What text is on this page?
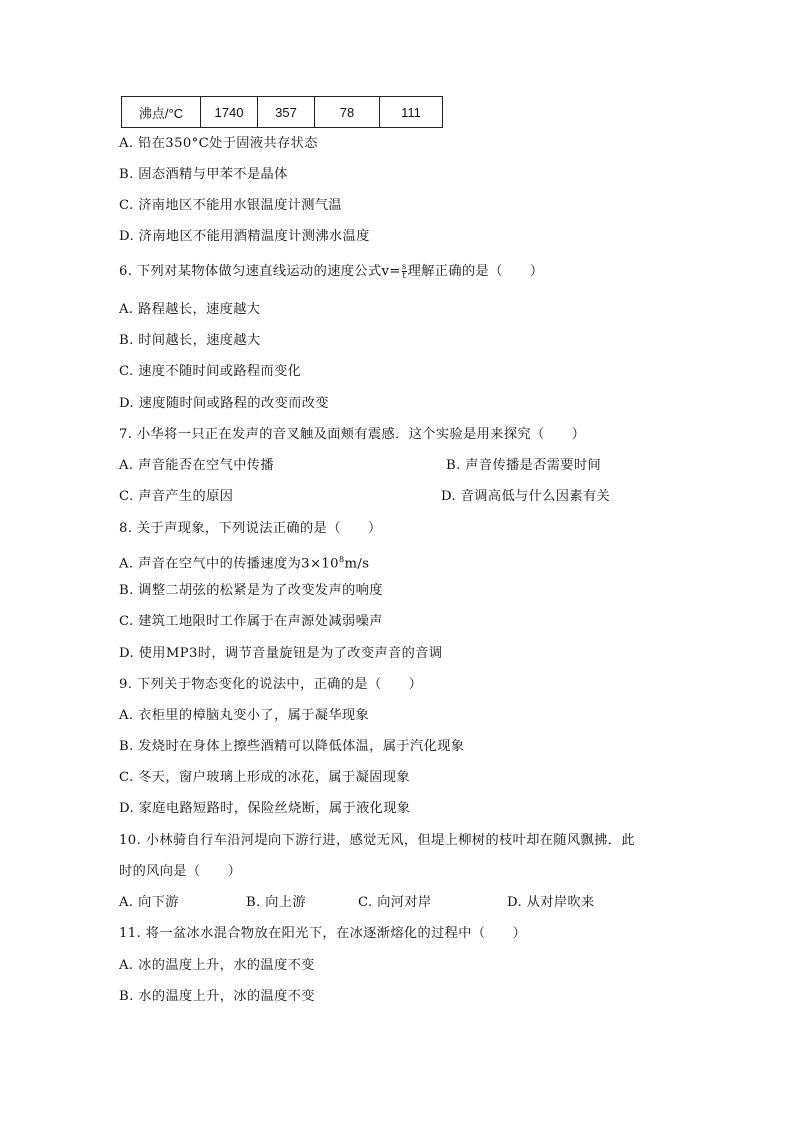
沸点/°C	1740	357	78	111
A. 铅在350°C处于固液共存状态
B. 固态酒精与甲苯不是晶体
C. 济南地区不能用水银温度计测气温
D. 济南地区不能用酒精温度计测沸水温度
6. 下列对某物体做匀速直线运动的速度公式$v= \frac{s}{t}$ 理解正确的是（　　）
A. 路程越长，速度越大
B. 时间越长，速度越大
C. 速度不随时间或路程而变化
D. 速度随时间或路程的改变而改变
7. 小华将一只正在发声的音叉触及面颊有震感．这个实验是用来探究（　　）
A. 声音能否在空气中传播	B. 声音传播是否需要时间
C. 声音产生的原因	D. 音调高低与什么因素有关
8. 关于声现象，下列说法正确的是（　　）
A. 声音在空气中的传播速度为$3\times 10^8m/s$
B. 调整二胡弦的松紧是为了改变发声的响度
C. 建筑工地限时工作属于在声源处减弱噪声
D. 使用MP3时，调节音量旋钮是为了改变声音的音调
9. 下列关于物态变化的说法中，正确的是（　　）
A. 衣柜里的樟脑丸变小了，属于凝华现象
B. 发烧时在身体上擦些酒精可以降低体温，属于汽化现象
C. 冬天，窗户玻璃上形成的冰花，属于凝固现象
D. 家庭电路短路时，保险丝烧断，属于液化现象
10. 小林骑自行车沿河堤向下游行进，感觉无风，但堤上柳树的枝叶却在随风飘拂．此
时的风向是（　　）
A. 向下游	B. 向上游	C. 向河对岸	D. 从对岸吹来
11. 将一盆冰水混合物放在阳光下，在冰逐渐熔化的过程中（　　）
A. 冰的温度上升，水的温度不变
B. 水的温度上升，冰的温度不变
